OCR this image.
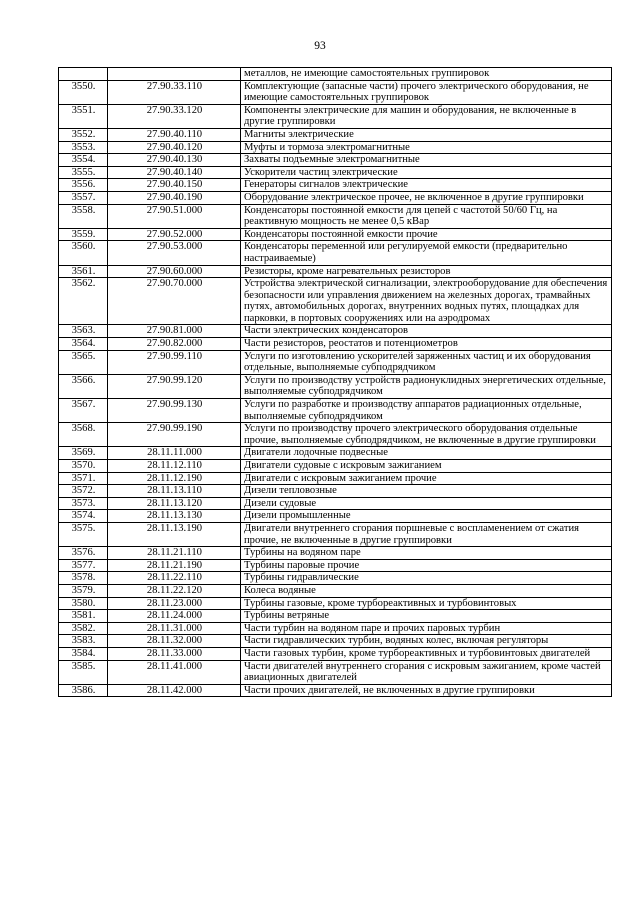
93
		металлов, не имеющие самостоятельных группировок
3550.	27.90.33.110	Комплектующие (запасные части) прочего электрического оборудования, не имеющие самостоятельных группировок
3551.	27.90.33.120	Компоненты электрические для машин и оборудования, не включенные в другие группировки
3552.	27.90.40.110	Магниты электрические
3553.	27.90.40.120	Муфты и тормоза электромагнитные
3554.	27.90.40.130	Захваты подъемные электромагнитные
3555.	27.90.40.140	Ускорители частиц электрические
3556.	27.90.40.150	Генераторы сигналов электрические
3557.	27.90.40.190	Оборудование электрическое прочее, не включенное в другие группировки
3558.	27.90.51.000	Конденсаторы постоянной емкости для цепей с частотой 50/60 Гц, на реактивную мощность не менее 0,5 кВар
3559.	27.90.52.000	Конденсаторы постоянной емкости прочие
3560.	27.90.53.000	Конденсаторы переменной или регулируемой емкости (предварительно настраиваемые)
3561.	27.90.60.000	Резисторы, кроме нагревательных резисторов
3562.	27.90.70.000	Устройства электрической сигнализации, электрооборудование для обеспечения безопасности или управления движением на железных дорогах, трамвайных путях, автомобильных дорогах, внутренних водных путях, площадках для парковки, в портовых сооружениях или на аэродромах
3563.	27.90.81.000	Части электрических конденсаторов
3564.	27.90.82.000	Части резисторов, реостатов и потенциометров
3565.	27.90.99.110	Услуги по изготовлению ускорителей заряженных частиц и их оборудования отдельные, выполняемые субподрядчиком
3566.	27.90.99.120	Услуги по производству устройств радионуклидных энергетических отдельные, выполняемые субподрядчиком
3567.	27.90.99.130	Услуги по разработке и производству аппаратов радиационных отдельные, выполняемые субподрядчиком
3568.	27.90.99.190	Услуги по производству прочего электрического оборудования отдельные прочие, выполняемые субподрядчиком, не включенные в другие группировки
3569.	28.11.11.000	Двигатели лодочные подвесные
3570.	28.11.12.110	Двигатели судовые с искровым зажиганием
3571.	28.11.12.190	Двигатели с искровым зажиганием прочие
3572.	28.11.13.110	Дизели тепловозные
3573.	28.11.13.120	Дизели судовые
3574.	28.11.13.130	Дизели промышленные
3575.	28.11.13.190	Двигатели внутреннего сгорания поршневые с воспламенением от сжатия прочие, не включенные в другие группировки
3576.	28.11.21.110	Турбины на водяном паре
3577.	28.11.21.190	Турбины паровые прочие
3578.	28.11.22.110	Турбины гидравлические
3579.	28.11.22.120	Колеса водяные
3580.	28.11.23.000	Турбины газовые, кроме турбореактивных и турбовинтовых
3581.	28.11.24.000	Турбины ветряные
3582.	28.11.31.000	Части турбин на водяном паре и прочих паровых турбин
3583.	28.11.32.000	Части гидравлических турбин, водяных колес, включая регуляторы
3584.	28.11.33.000	Части газовых турбин, кроме турбореактивных и турбовинтовых двигателей
3585.	28.11.41.000	Части двигателей внутреннего сгорания с искровым зажиганием, кроме частей авиационных двигателей
3586.	28.11.42.000	Части прочих двигателей, не включенных в другие группировки
